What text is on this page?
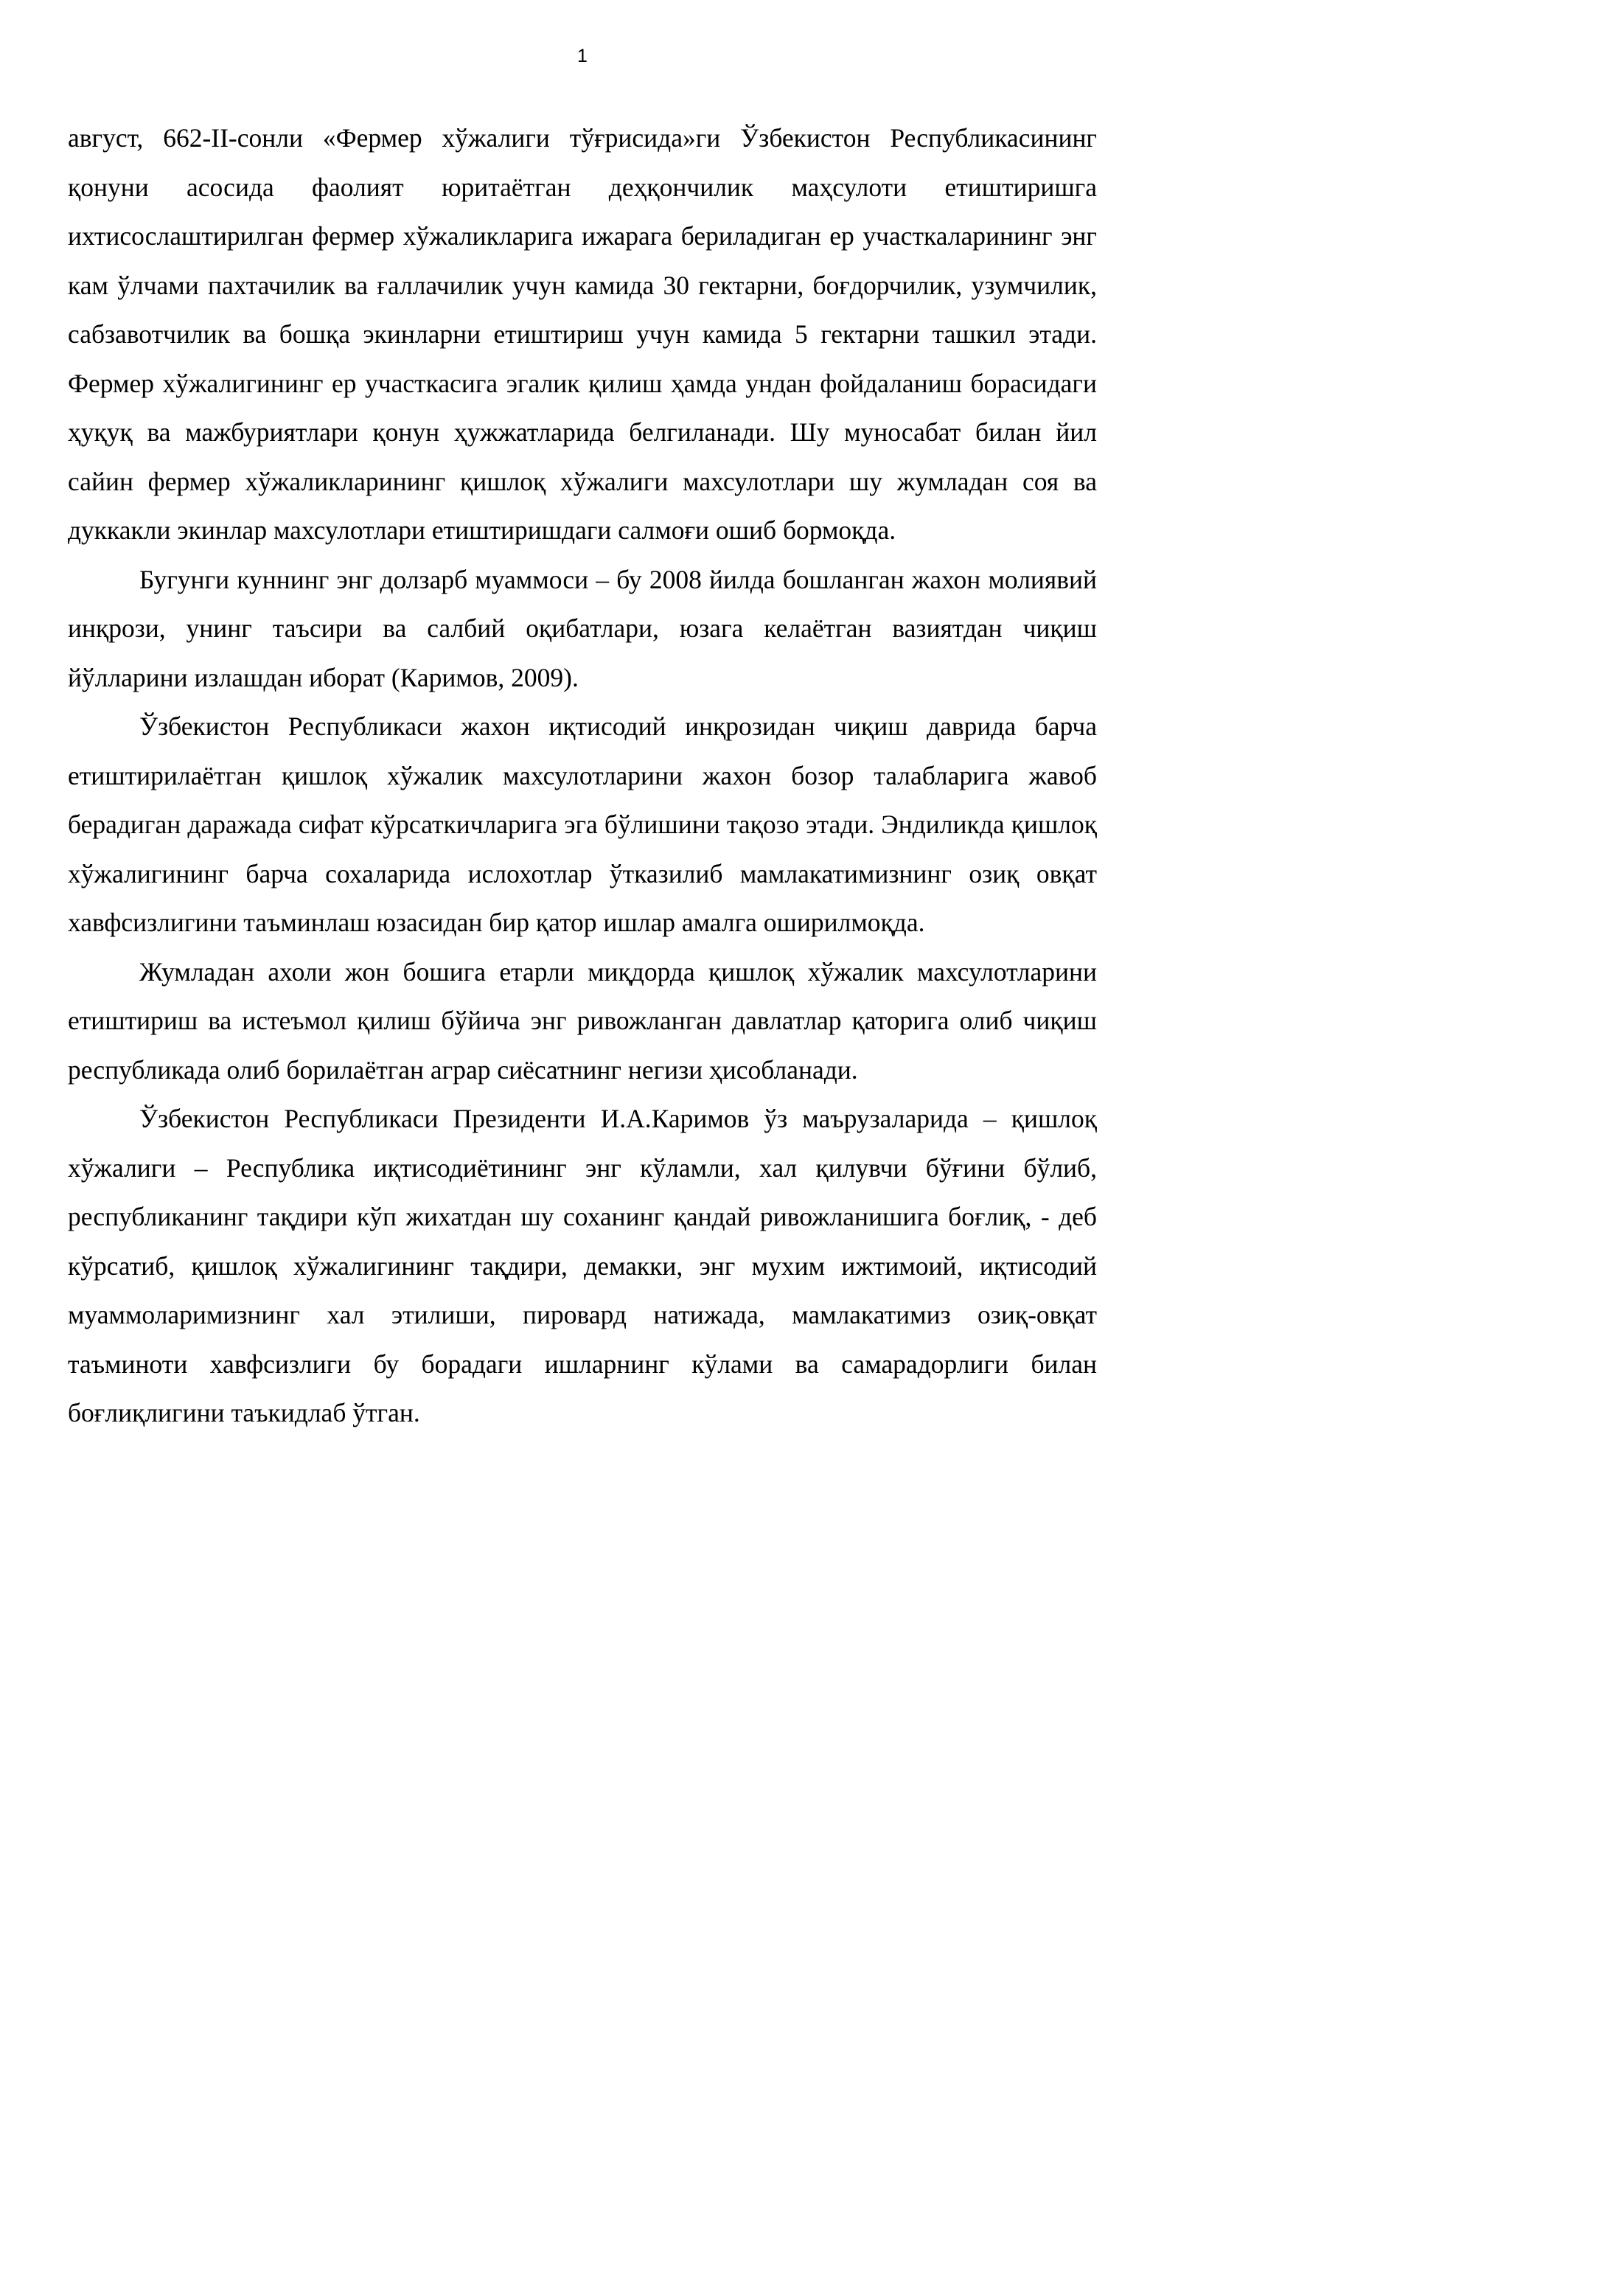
1

август, 662-II-сонли «Фермер хўжалиги тўғрисида»ги Ўзбекистон Республикасининг қонуни асосида фаолият юритаётган деҳқончилик маҳсулоти етиштиришга ихтисослаштирилган фермер хўжаликларига ижарага бериладиган ер участкаларининг энг кам ўлчами пахтачилик ва ғаллачилик учун камида 30 гектарни, боғдорчилик, узумчилик, сабзавотчилик ва бошқа экинларни етиштириш учун камида 5 гектарни ташкил этади. Фермер хўжалигининг ер участкасига эгалик қилиш ҳамда ундан фойдаланиш борасидаги ҳуқуқ ва мажбуриятлари қонун ҳужжатларида белгиланади. Шу муносабат билан йил сайин фермер хўжаликларининг қишлоқ хўжалиги махсулотлари шу жумладан соя ва дуккакли экинлар махсулотлари етиштиришдаги салмоғи ошиб бормоқда.

Бугунги куннинг энг долзарб муаммоси – бу 2008 йилда бошланган жахон молиявий инқрози, унинг таъсири ва салбий оқибатлари, юзага келаётган вазиятдан чиқиш йўлларини излашдан иборат (Каримов, 2009).

Ўзбекистон Республикаси жахон иқтисодий инқрозидан чиқиш даврида барча етиштирилаётган қишлоқ хўжалик махсулотларини жахон бозор талабларига жавоб берадиган даражада сифат кўрсаткичларига эга бўлишини тақозо этади. Эндиликда қишлоқ хўжалигининг барча сохаларида ислохотлар ўтказилиб мамлакатимизнинг озиқ овқат хавфсизлигини таъминлаш юзасидан бир қатор ишлар амалга оширилмоқда.

Жумладан ахоли жон бошига етарли миқдорда қишлоқ хўжалик махсулотларини етиштириш ва истеъмол қилиш бўйича энг ривожланган давлатлар қаторига олиб чиқиш республикада олиб борилаётган аграр сиёсатнинг негизи ҳисобланади.

Ўзбекистон Республикаси Президенти И.А.Каримов ўз маърузаларида – қишлоқ хўжалиги – Республика иқтисодиётининг энг кўламли, хал қилувчи бўғини бўлиб, республиканинг тақдири кўп жихатдан шу соханинг қандай ривожланишига боғлиқ, - деб кўрсатиб, қишлоқ хўжалигининг тақдири, демакки, энг мухим ижтимоий, иқтисодий муаммоларимизнинг хал этилиши, пировард натижада, мамлакатимиз озиқ-овқат таъминоти хавфсизлиги бу борадаги ишларнинг кўлами ва самарадорлиги билан боғлиқлигини таъкидлаб ўтган.
